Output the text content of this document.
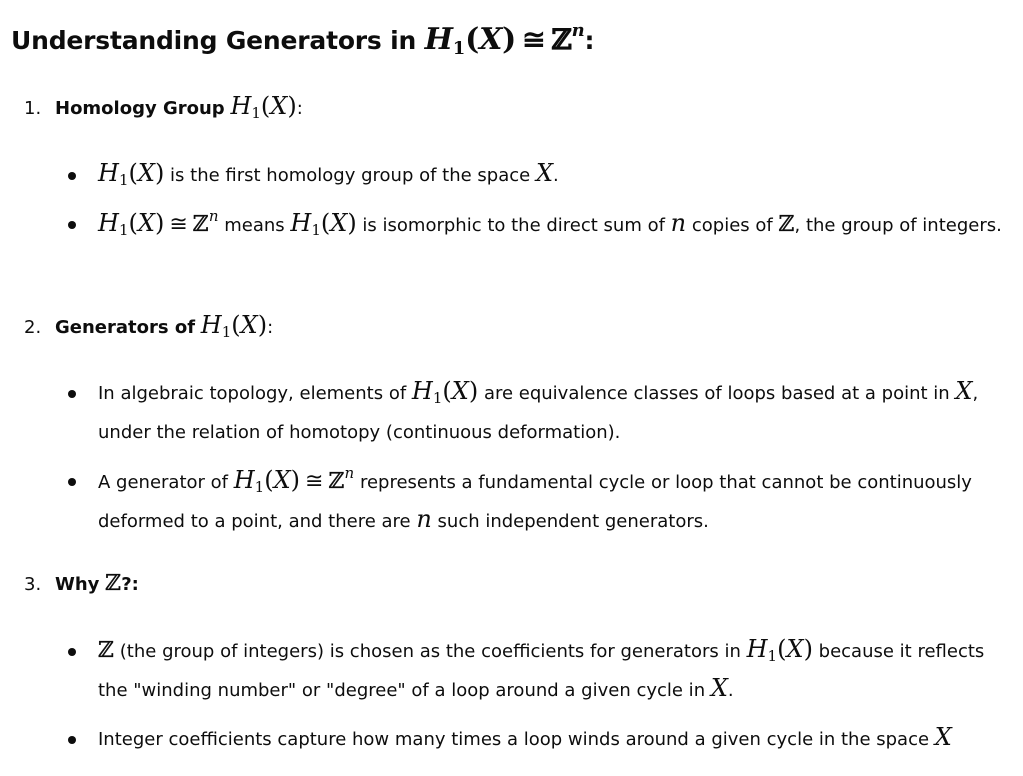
Understanding Generators in $H_1(X)$ ≅ ℤ$^n$:
1. Homology Group $H_1(X)$:
$H_1(X)$ is the first homology group of the space X.
$H_1(X)$ ≅ ℤ$^n$ means $H_1(X)$ is isomorphic to the direct sum of n copies of ℤ, the group of integers.
2. Generators of $H_1(X)$:
In algebraic topology, elements of $H_1(X)$ are equivalence classes of loops based at a point in X, under the relation of homotopy (continuous deformation).
A generator of $H_1(X)$ ≅ ℤ$^n$ represents a fundamental cycle or loop that cannot be continuously deformed to a point, and there are n such independent generators.
3. Why ℤ?:
ℤ (the group of integers) is chosen as the coefficients for generators in $H_1(X)$ because it reflects the "winding number" or "degree" of a loop around a given cycle in X.
Integer coefficients capture how many times a loop winds around a given cycle in the space X
